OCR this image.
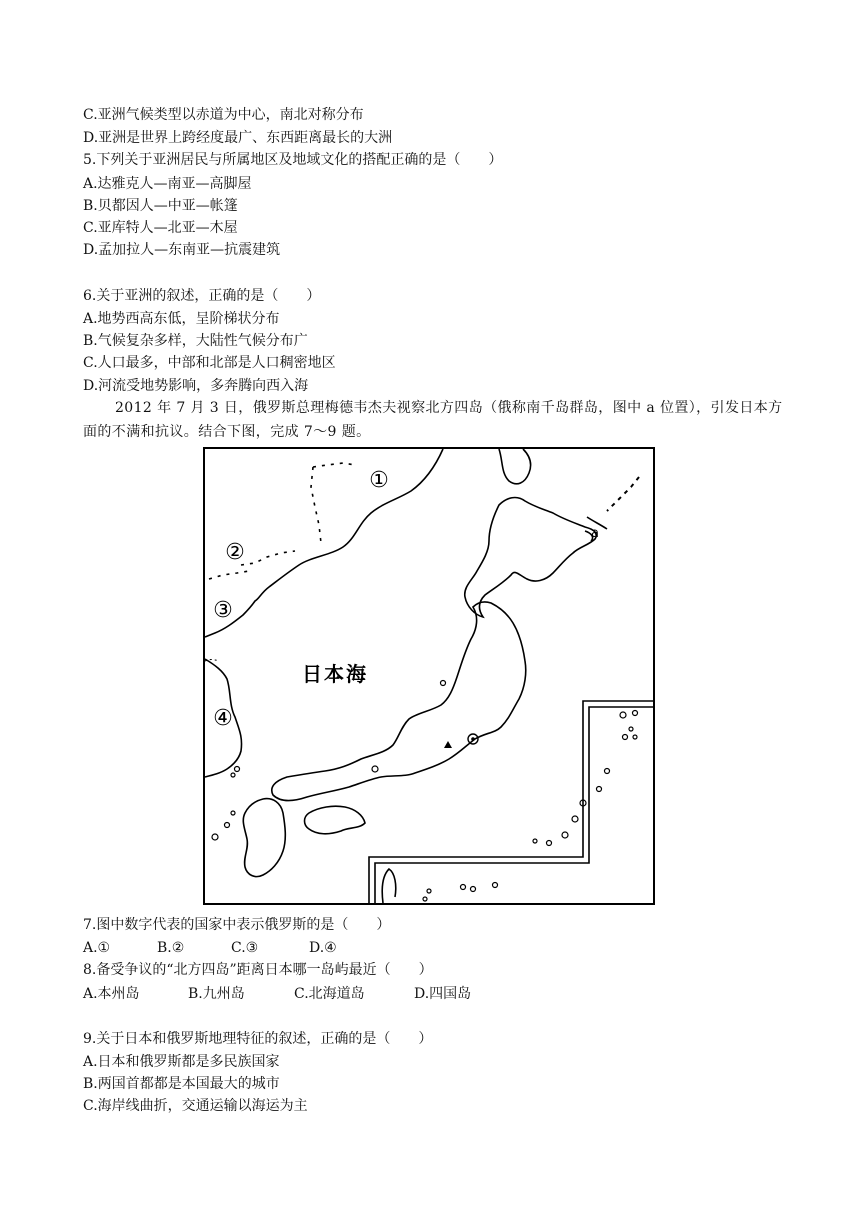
C.亚洲气候类型以赤道为中心，南北对称分布
D.亚洲是世界上跨经度最广、东西距离最长的大洲
5.下列关于亚洲居民与所属地区及地域文化的搭配正确的是（　　）
A.达雅克人—南亚—高脚屋
B.贝都因人—中亚—帐篷
C.亚库特人—北亚—木屋
D.孟加拉人—东南亚—抗震建筑
6.关于亚洲的叙述，正确的是（　　）
A.地势西高东低，呈阶梯状分布
B.气候复杂多样，大陆性气候分布广
C.人口最多，中部和北部是人口稠密地区
D.河流受地势影响，多奔腾向西入海
2012 年 7 月 3 日，俄罗斯总理梅德韦杰夫视察北方四岛（俄称南千岛群岛，图中 a 位置），引发日本方面的不满和抗议。结合下图，完成 7～9 题。
①
②
③
④
日本海
a
7.图中数字代表的国家中表示俄罗斯的是（　　）
A.①	B.②	C.③	D.④
8.备受争议的“北方四岛”距离日本哪一岛屿最近（　　）
A.本州岛	B.九州岛	C.北海道岛	D.四国岛
9.关于日本和俄罗斯地理特征的叙述，正确的是（　　）
A.日本和俄罗斯都是多民族国家
B.两国首都都是本国最大的城市
C.海岸线曲折，交通运输以海运为主
